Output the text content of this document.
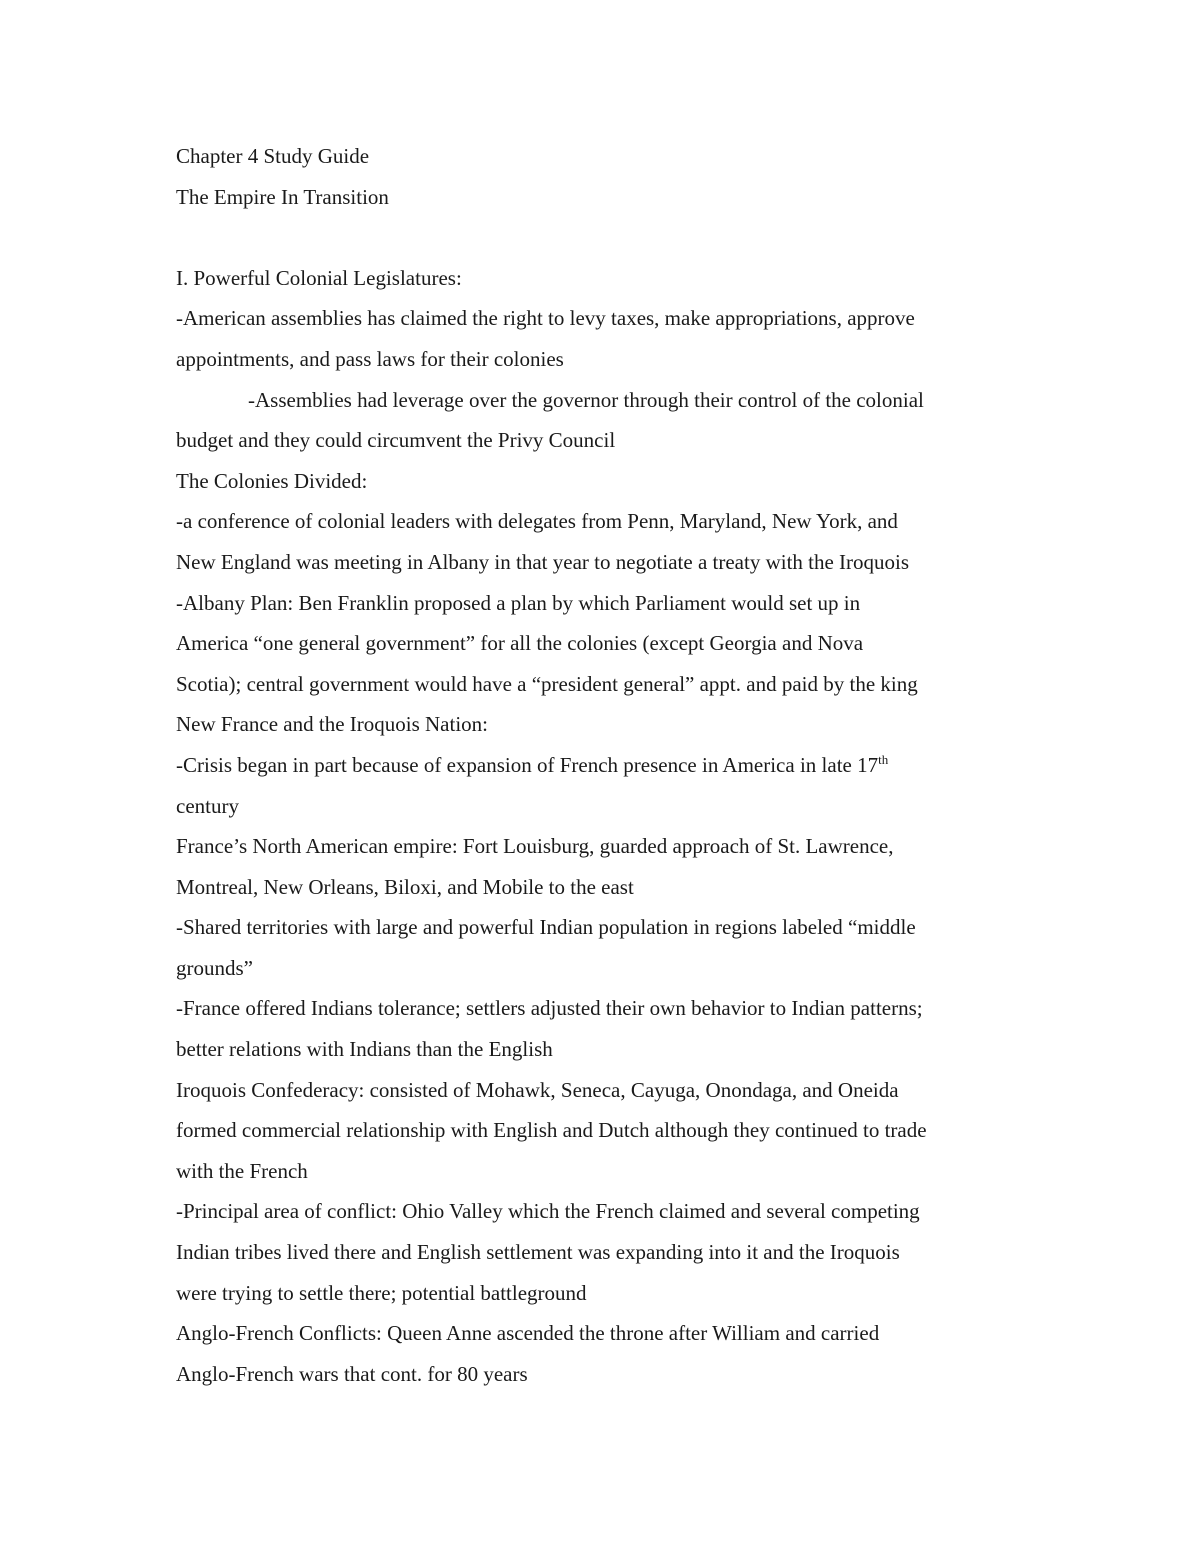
Chapter 4 Study Guide

The Empire In Transition

I. Powerful Colonial Legislatures:

-American assemblies has claimed the right to levy taxes, make appropriations, approve

appointments, and pass laws for their colonies

-Assemblies had leverage over the governor through their control of the colonial

budget and they could circumvent the Privy Council

The Colonies Divided:

-a conference of colonial leaders with delegates from Penn, Maryland, New York, and

New England was meeting in Albany in that year to negotiate a treaty with the Iroquois

-Albany Plan: Ben Franklin proposed a plan by which Parliament would set up in

America “one general government” for all the colonies (except Georgia and Nova

Scotia); central government would have a “president general” appt. and paid by the king

New France and the Iroquois Nation:

-Crisis began in part because of expansion of French presence in America in late 17th

century

France’s North American empire: Fort Louisburg, guarded approach of St. Lawrence,

Montreal, New Orleans, Biloxi, and Mobile to the east

-Shared territories with large and powerful Indian population in regions labeled “middle

grounds”

-France offered Indians tolerance; settlers adjusted their own behavior to Indian patterns;

better relations with Indians than the English

Iroquois Confederacy: consisted of Mohawk, Seneca, Cayuga, Onondaga, and Oneida

formed commercial relationship with English and Dutch although they continued to trade

with the French

-Principal area of conflict: Ohio Valley which the French claimed and several competing

Indian tribes lived there and English settlement was expanding into it and the Iroquois

were trying to settle there; potential battleground

Anglo-French Conflicts: Queen Anne ascended the throne after William and carried

Anglo-French wars that cont. for 80 years
